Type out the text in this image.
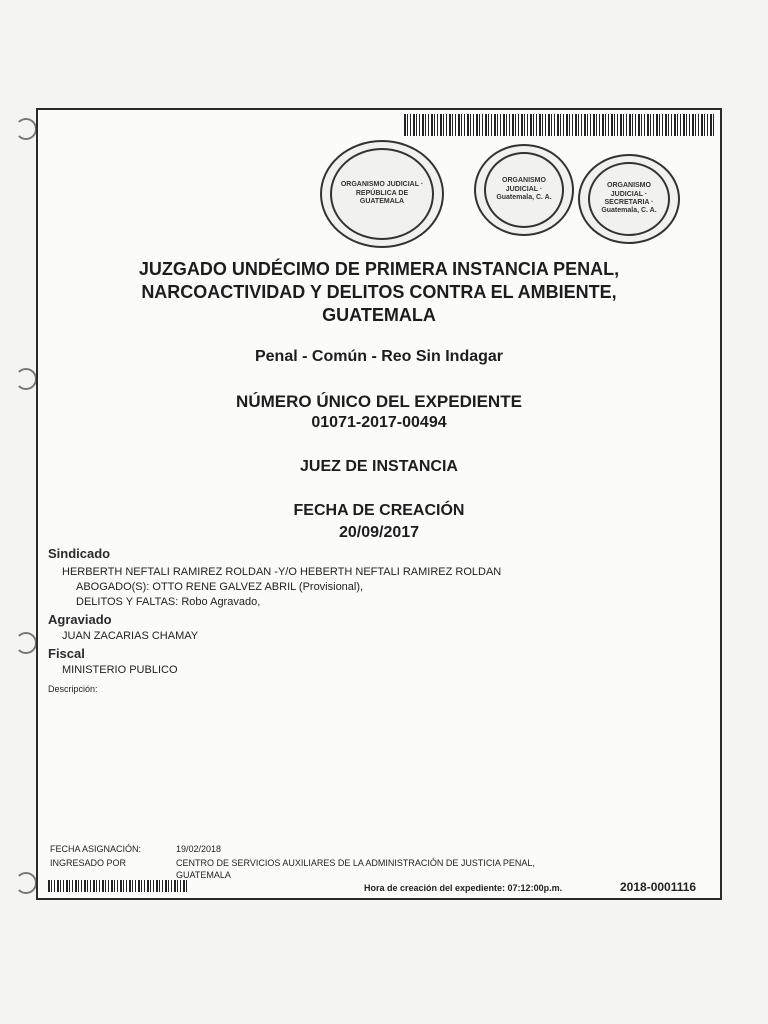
ORGANISMO JUDICIAL · REPÚBLICA DE GUATEMALA
ORGANISMO JUDICIAL · Guatemala, C. A.
ORGANISMO JUDICIAL · SECRETARIA · Guatemala, C. A.
JUZGADO UNDÉCIMO DE PRIMERA INSTANCIA PENAL,
NARCOACTIVIDAD Y DELITOS CONTRA EL AMBIENTE,
GUATEMALA
Penal - Común - Reo Sin Indagar
NÚMERO ÚNICO DEL EXPEDIENTE
01071-2017-00494
JUEZ DE INSTANCIA
FECHA DE CREACIÓN
20/09/2017
Sindicado
HERBERTH NEFTALI RAMIREZ ROLDAN -Y/O HEBERTH NEFTALI RAMIREZ ROLDAN
ABOGADO(S): OTTO RENE GALVEZ ABRIL (Provisional),
DELITOS Y FALTAS: Robo Agravado,
Agraviado
JUAN ZACARIAS CHAMAY
Fiscal
MINISTERIO PUBLICO
Descripción:
FECHA ASIGNACIÓN:	19/02/2018
INGRESADO POR	CENTRO DE SERVICIOS AUXILIARES DE LA ADMINISTRACIÓN DE JUSTICIA PENAL,
GUATEMALA
Hora de creación del expediente: 07:12:00p.m.	2018-0001116
